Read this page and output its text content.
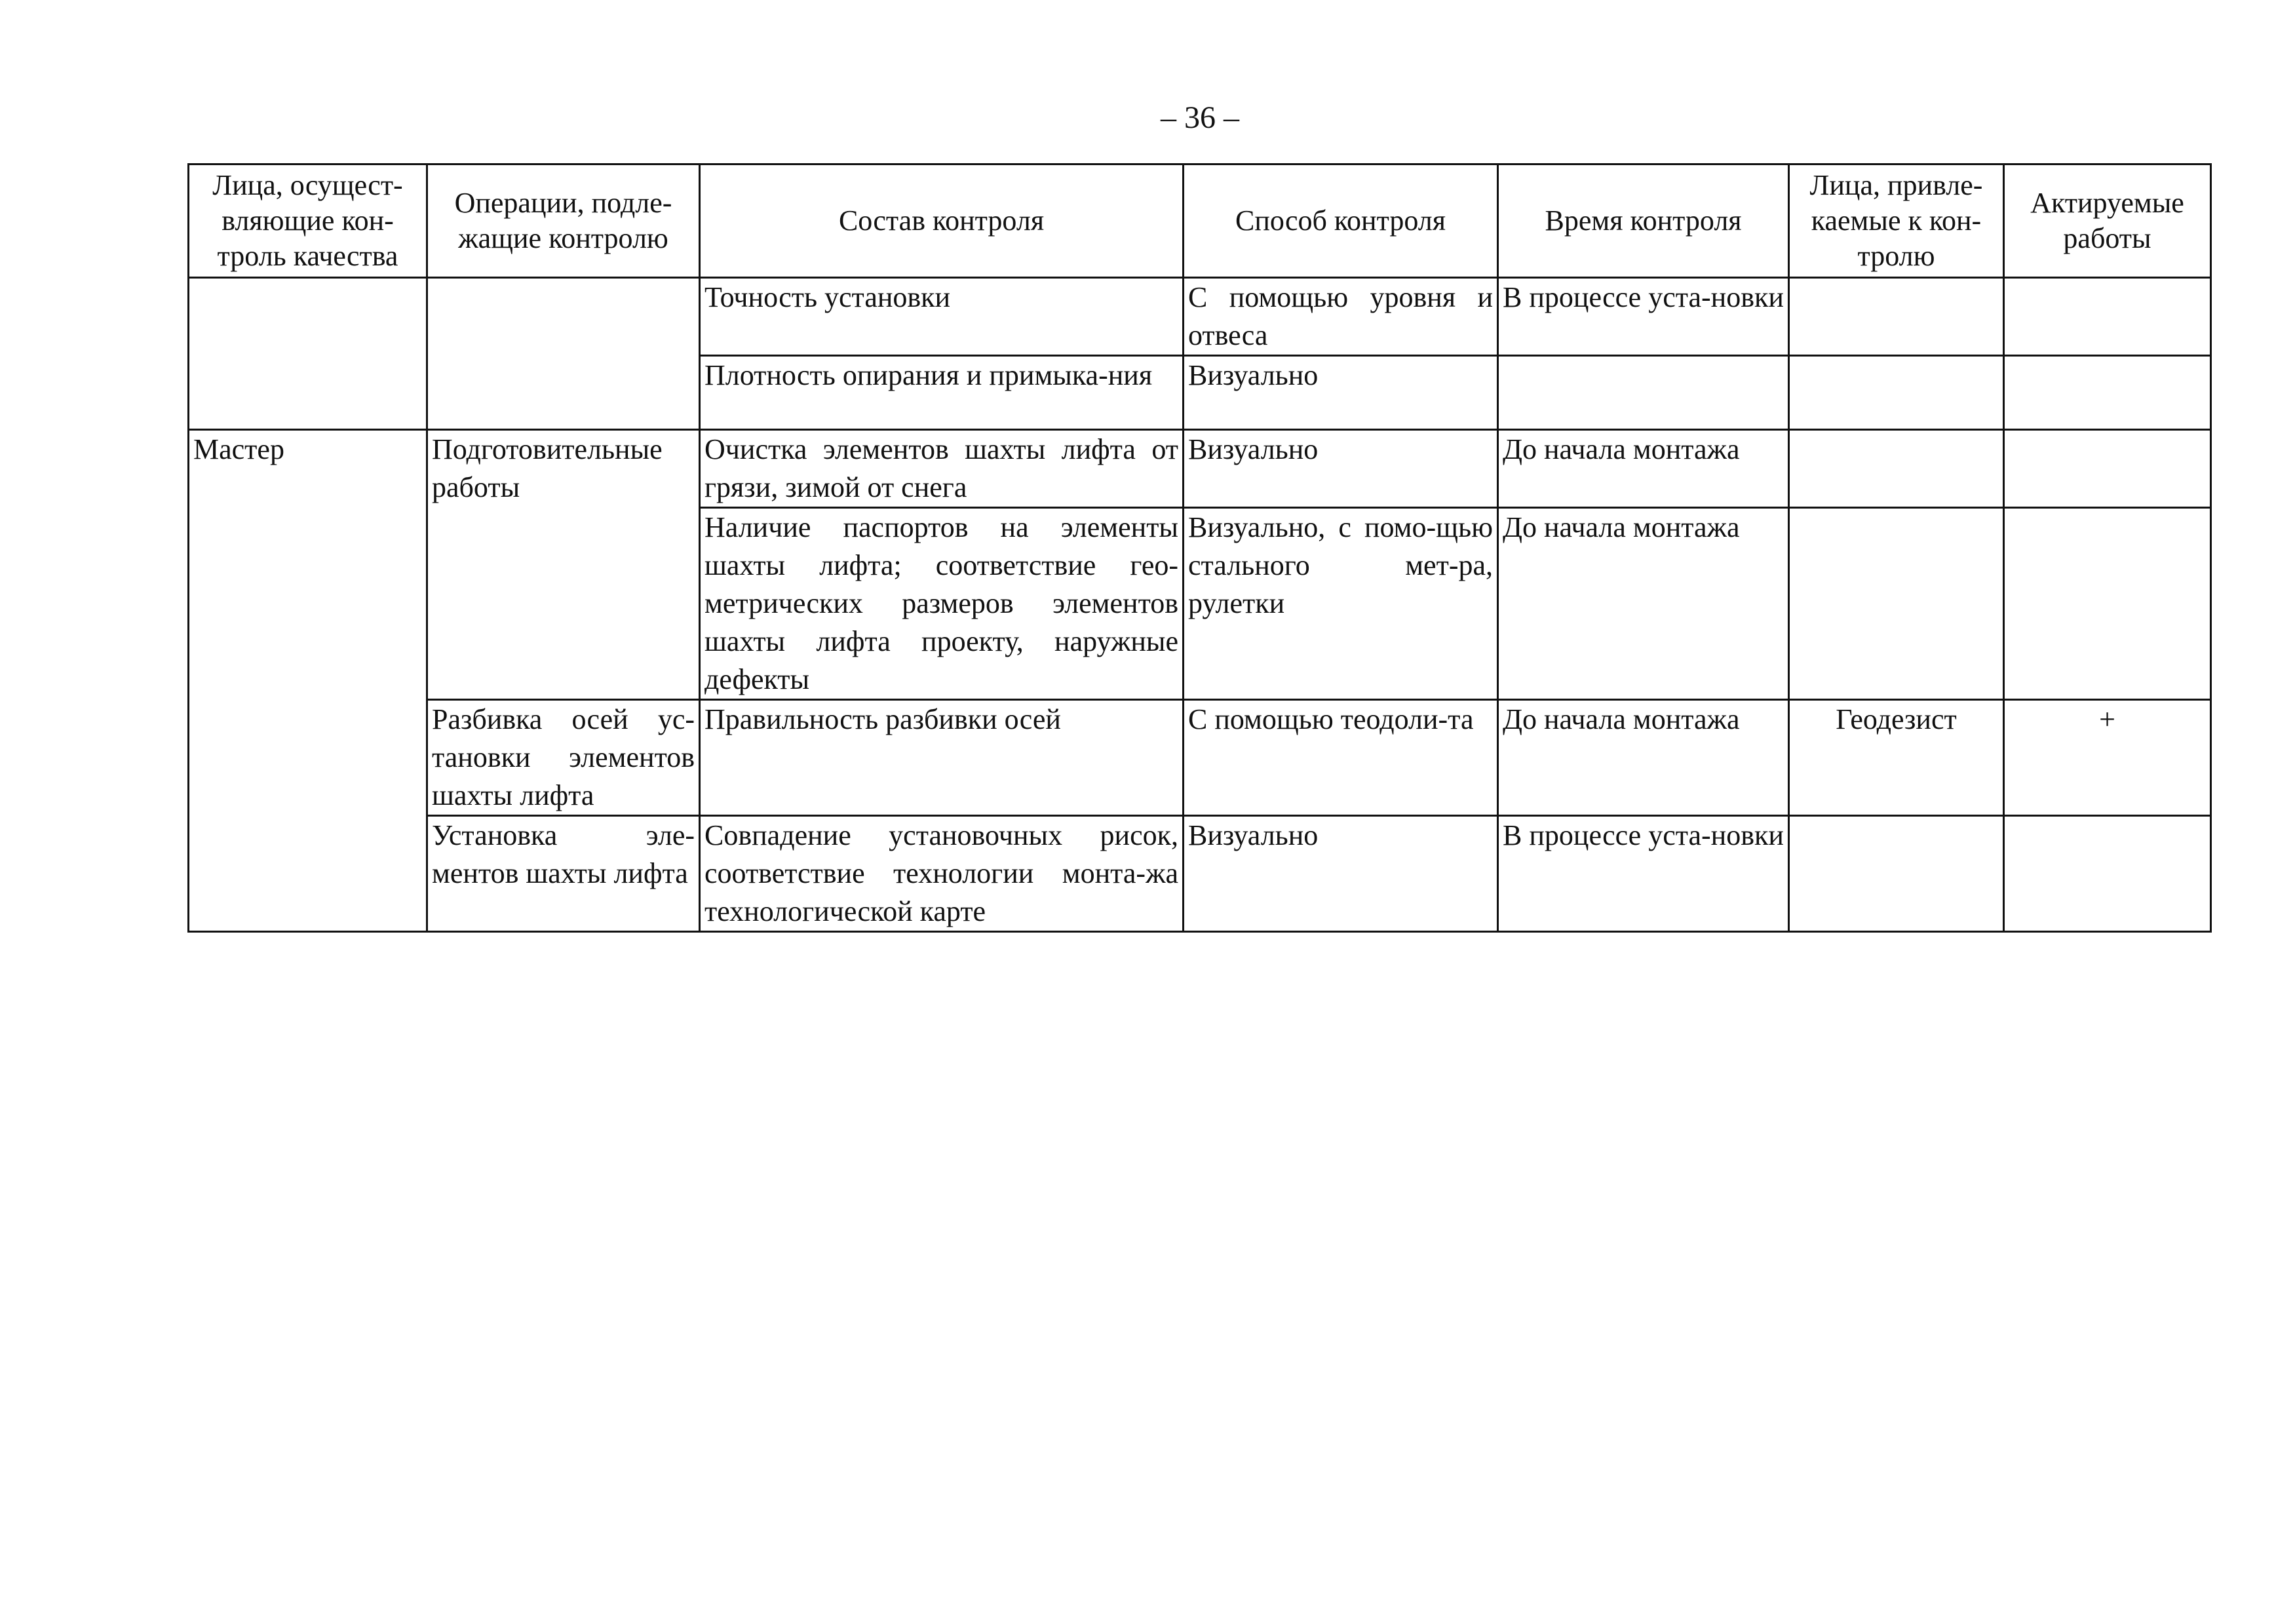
– 36 –
Лица, осущест-вляющие кон-троль качества	Операции, подле-жащие контролю	Состав контроля	Способ контроля	Время контроля	Лица, привле-каемые к кон-тролю	Актируемые работы
		Точность установки	С помощью уровня и отвеса	В процессе уста-новки		
		Плотность опирания и примыка-ния	Визуально			
Мастер	Подготовительные работы	Очистка элементов шахты лифта от грязи, зимой от снега	Визуально	До начала монтажа		
		Наличие паспортов на элементы шахты лифта; соответствие гео-метрических размеров элементов шахты лифта проекту, наружные дефекты	Визуально, с помо-щью стального мет-ра, рулетки	До начала монтажа		
	Разбивка осей ус-тановки элементов шахты лифта	Правильность разбивки осей	С помощью теодоли-та	До начала монтажа	Геодезист	+
	Установка эле-ментов шахты лифта	Совпадение установочных рисок, соответствие технологии монта-жа технологической карте	Визуально	В процессе уста-новки		
